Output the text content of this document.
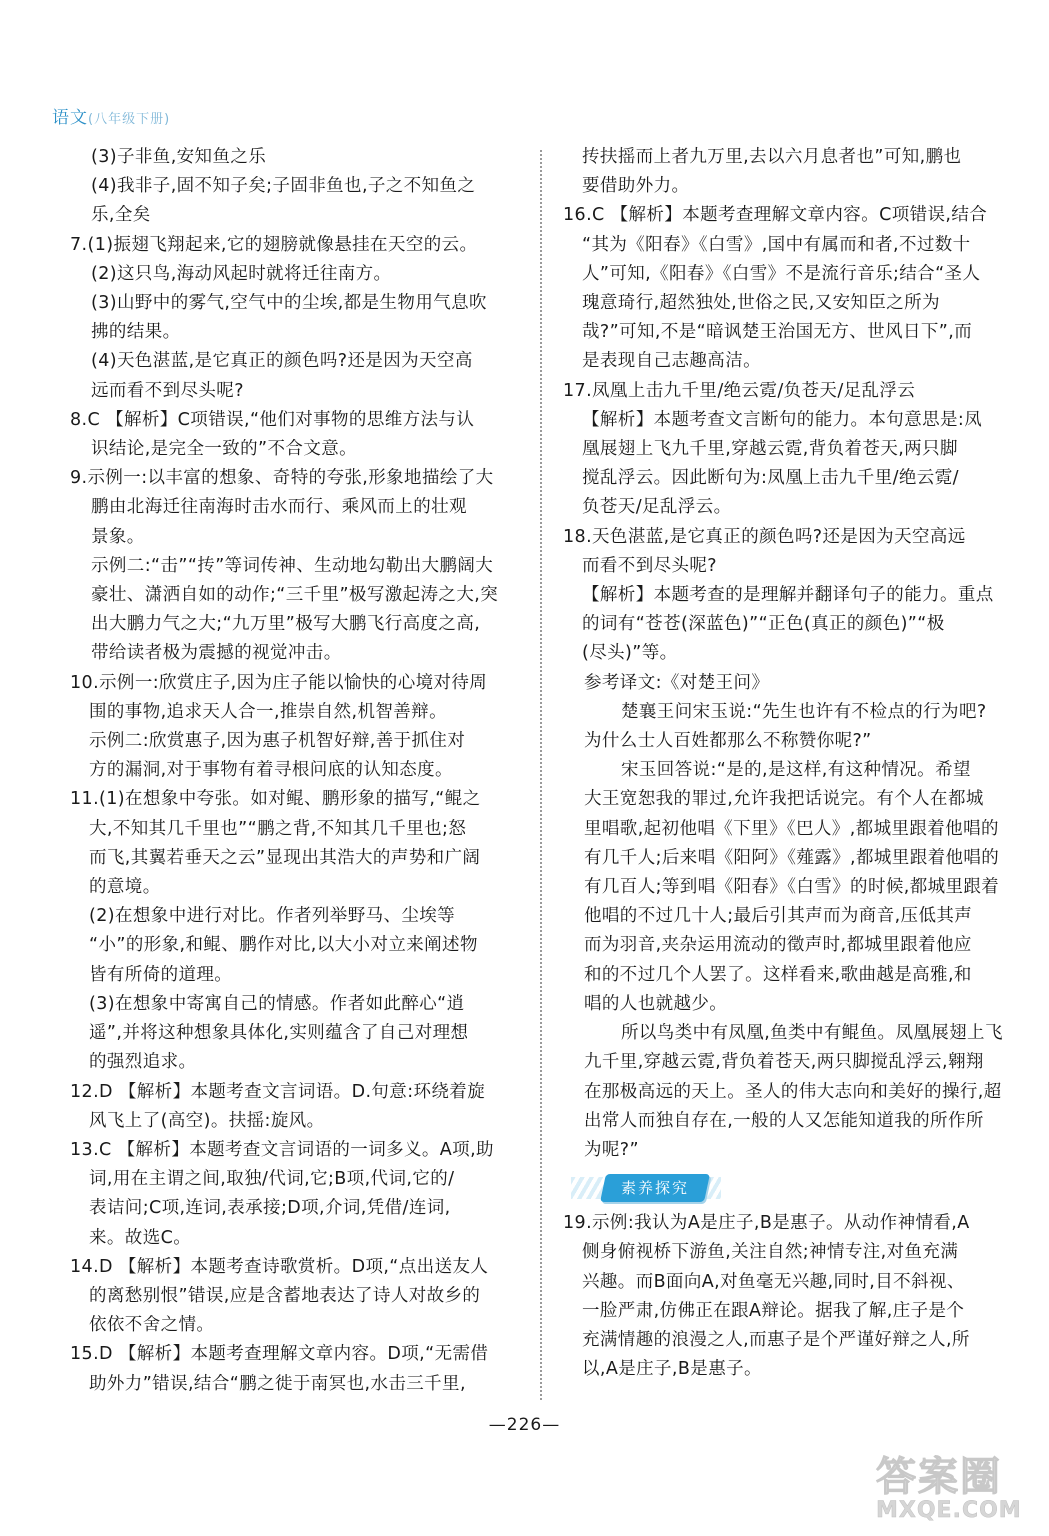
语文(八年级下册)
(3)子非鱼,安知鱼之乐
(4)我非子,固不知子矣;子固非鱼也,子之不知鱼之
乐,全矣
7.(1)振翅飞翔起来,它的翅膀就像悬挂在天空的云。
(2)这只鸟,海动风起时就将迁往南方。
(3)山野中的雾气,空气中的尘埃,都是生物用气息吹
拂的结果。
(4)天色湛蓝,是它真正的颜色吗?还是因为天空高
远而看不到尽头呢?
8.C 【解析】C项错误,“他们对事物的思维方法与认
识结论,是完全一致的”不合文意。
9.示例一:以丰富的想象、奇特的夸张,形象地描绘了大
鹏由北海迁往南海时击水而行、乘风而上的壮观
景象。
示例二:“击”“抟”等词传神、生动地勾勒出大鹏阔大
豪壮、潇洒自如的动作;“三千里”极写激起涛之大,突
出大鹏力气之大;“九万里”极写大鹏飞行高度之高,
带给读者极为震撼的视觉冲击。
10.示例一:欣赏庄子,因为庄子能以愉快的心境对待周
围的事物,追求天人合一,推崇自然,机智善辩。
示例二:欣赏惠子,因为惠子机智好辩,善于抓住对
方的漏洞,对于事物有着寻根问底的认知态度。
11.(1)在想象中夸张。如对鲲、鹏形象的描写,“鲲之
大,不知其几千里也”“鹏之背,不知其几千里也;怒
而飞,其翼若垂天之云”显现出其浩大的声势和广阔
的意境。
(2)在想象中进行对比。作者列举野马、尘埃等
“小”的形象,和鲲、鹏作对比,以大小对立来阐述物
皆有所倚的道理。
(3)在想象中寄寓自己的情感。作者如此醉心“逍
遥”,并将这种想象具体化,实则蕴含了自己对理想
的强烈追求。
12.D 【解析】本题考查文言词语。D.句意:环绕着旋
风飞上了(高空)。扶摇:旋风。
13.C 【解析】本题考查文言词语的一词多义。A项,助
词,用在主谓之间,取独/代词,它;B项,代词,它的/
表诘问;C项,连词,表承接;D项,介词,凭借/连词,
来。故选C。
14.D 【解析】本题考查诗歌赏析。D项,“点出送友人
的离愁别恨”错误,应是含蓄地表达了诗人对故乡的
依依不舍之情。
15.D 【解析】本题考查理解文章内容。D项,“无需借
助外力”错误,结合“鹏之徙于南冥也,水击三千里,
抟扶摇而上者九万里,去以六月息者也”可知,鹏也
要借助外力。
16.C 【解析】本题考查理解文章内容。C项错误,结合
“其为《阳春》《白雪》,国中有属而和者,不过数十
人”可知,《阳春》《白雪》不是流行音乐;结合“圣人
瑰意琦行,超然独处,世俗之民,又安知臣之所为
哉?”可知,不是“暗讽楚王治国无方、世风日下”,而
是表现自己志趣高洁。
17.凤凰上击九千里/绝云霓/负苍天/足乱浮云
【解析】本题考查文言断句的能力。本句意思是:凤
凰展翅上飞九千里,穿越云霓,背负着苍天,两只脚
搅乱浮云。因此断句为:凤凰上击九千里/绝云霓/
负苍天/足乱浮云。
18.天色湛蓝,是它真正的颜色吗?还是因为天空高远
而看不到尽头呢?
【解析】本题考查的是理解并翻译句子的能力。重点
的词有“苍苍(深蓝色)”“正色(真正的颜色)”“极
(尽头)”等。
参考译文:《对楚王问》
楚襄王问宋玉说:“先生也许有不检点的行为吧?
为什么士人百姓都那么不称赞你呢?”
宋玉回答说:“是的,是这样,有这种情况。希望
大王宽恕我的罪过,允许我把话说完。有个人在都城
里唱歌,起初他唱《下里》《巴人》,都城里跟着他唱的
有几千人;后来唱《阳阿》《薤露》,都城里跟着他唱的
有几百人;等到唱《阳春》《白雪》的时候,都城里跟着
他唱的不过几十人;最后引其声而为商音,压低其声
而为羽音,夹杂运用流动的徵声时,都城里跟着他应
和的不过几个人罢了。这样看来,歌曲越是高雅,和
唱的人也就越少。
所以鸟类中有凤凰,鱼类中有鲲鱼。凤凰展翅上飞
九千里,穿越云霓,背负着苍天,两只脚搅乱浮云,翱翔
在那极高远的天上。圣人的伟大志向和美好的操行,超
出常人而独自存在,一般的人又怎能知道我的所作所
为呢?”
素养探究
19.示例:我认为A是庄子,B是惠子。从动作神情看,A
侧身俯视桥下游鱼,关注自然;神情专注,对鱼充满
兴趣。而B面向A,对鱼毫无兴趣,同时,目不斜视、
一脸严肃,仿佛正在跟A辩论。据我了解,庄子是个
充满情趣的浪漫之人,而惠子是个严谨好辩之人,所
以,A是庄子,B是惠子。
—226—
答案圈
MXQE.COM
